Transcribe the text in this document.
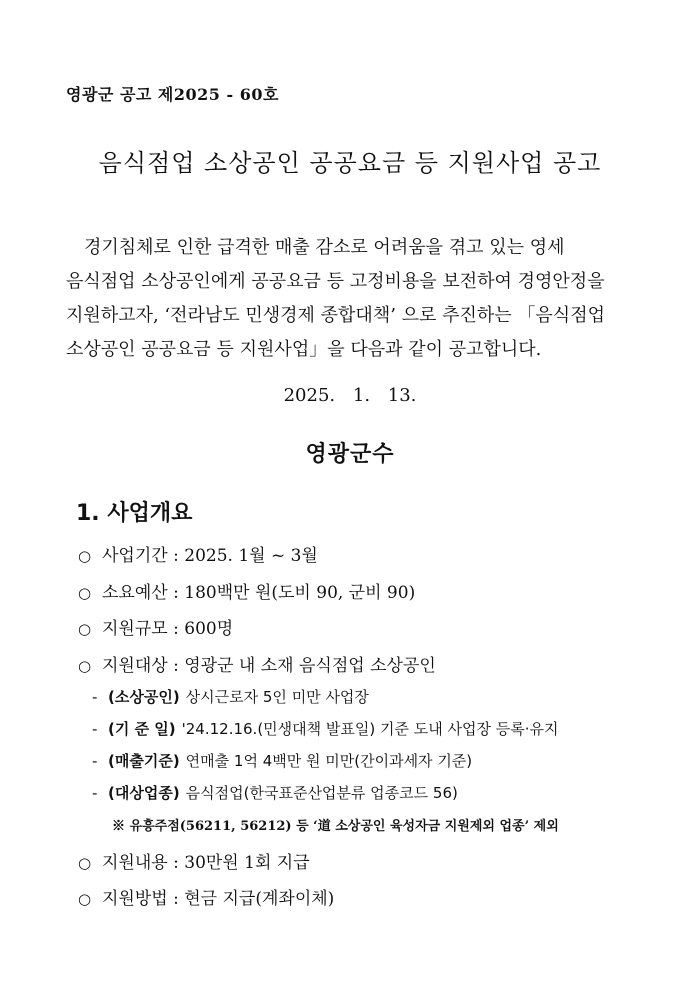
영광군 공고 제2025 - 60호
음식점업 소상공인 공공요금 등 지원사업 공고

경기침체로 인한 급격한 매출 감소로 어려움을 겪고 있는 영세

음식점업 소상공인에게 공공요금 등 고정비용을 보전하여 경영안정을

지원하고자, ‘전라남도 민생경제 종합대책’ 으로 추진하는 「음식점업

소상공인 공공요금 등 지원사업」을 다음과 같이 공고합니다.

2025. 1. 13.
영광군수
1. 사업개요
○ 사업기간 : 2025. 1월 ~ 3월
○ 소요예산 : 180백만 원(도비 90, 군비 90)
○ 지원규모 : 600명
○ 지원대상 : 영광군 내 소재 음식점업 소상공인
- (소상공인) 상시근로자 5인 미만 사업장
- (기 준 일) '24.12.16.(민생대책 발표일) 기준 도내 사업장 등록·유지
- (매출기준) 연매출 1억 4백만 원 미만(간이과세자 기준)
- (대상업종) 음식점업(한국표준산업분류 업종코드 56)
※ 유흥주점(56211, 56212) 등 ‘道 소상공인 육성자금 지원제외 업종’ 제외
○ 지원내용 : 30만원 1회 지급
○ 지원방법 : 현금 지급(계좌이체)
